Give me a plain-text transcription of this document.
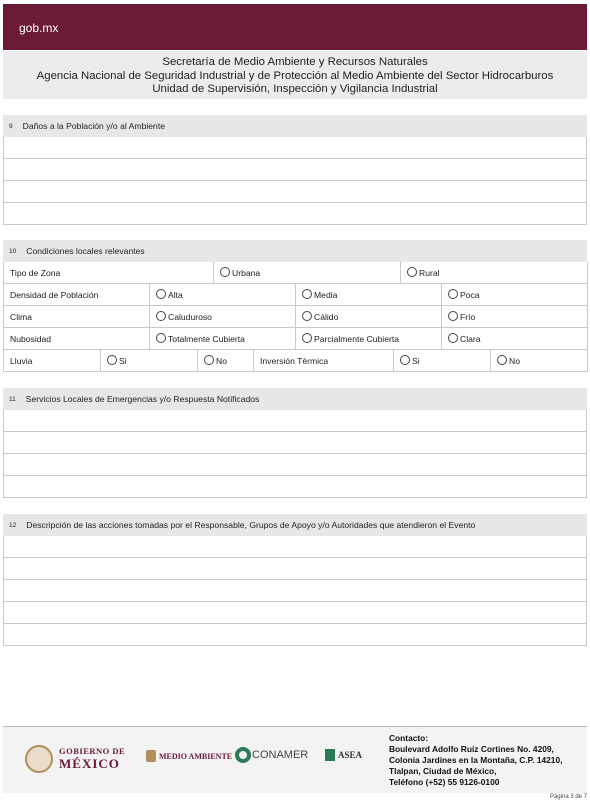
gob.mx
Secretaría de Medio Ambiente y Recursos Naturales
Agencia Nacional de Seguridad Industrial y de Protección al Medio Ambiente del Sector Hidrocarburos
Unidad de Supervisión, Inspección y Vigilancia Industrial
9 Daños a la Población y/o al Ambiente
10 Condiciones locales relevantes
Tipo de Zona	Urbana	Rural
Densidad de Población	Alta	Media	Poca
Clima	Caluduroso	Cálido	Frío
Nubosidad	Totalmente Cubierta	Parcialmente Cubierta	Clara
Lluvia	Si	No	Inversión Térmica	Si	No
11 Servicios Locales de Emergencias y/o Respuesta Notificados
12 Descripción de las acciones tomadas por el Responsable, Grupos de Apoyo y/o Autoridades que atendieron el Evento
GOBIERNO DE
MÉXICO	MEDIO AMBIENTE CONAMER	ASEA
Contacto:
Boulevard Adolfo Ruiz Cortines No. 4209,
Colonia Jardines en la Montaña, C.P. 14210,
Tlalpan, Ciudad de México,
Teléfono (+52) 55 9126-0100
Página 3 de 7
